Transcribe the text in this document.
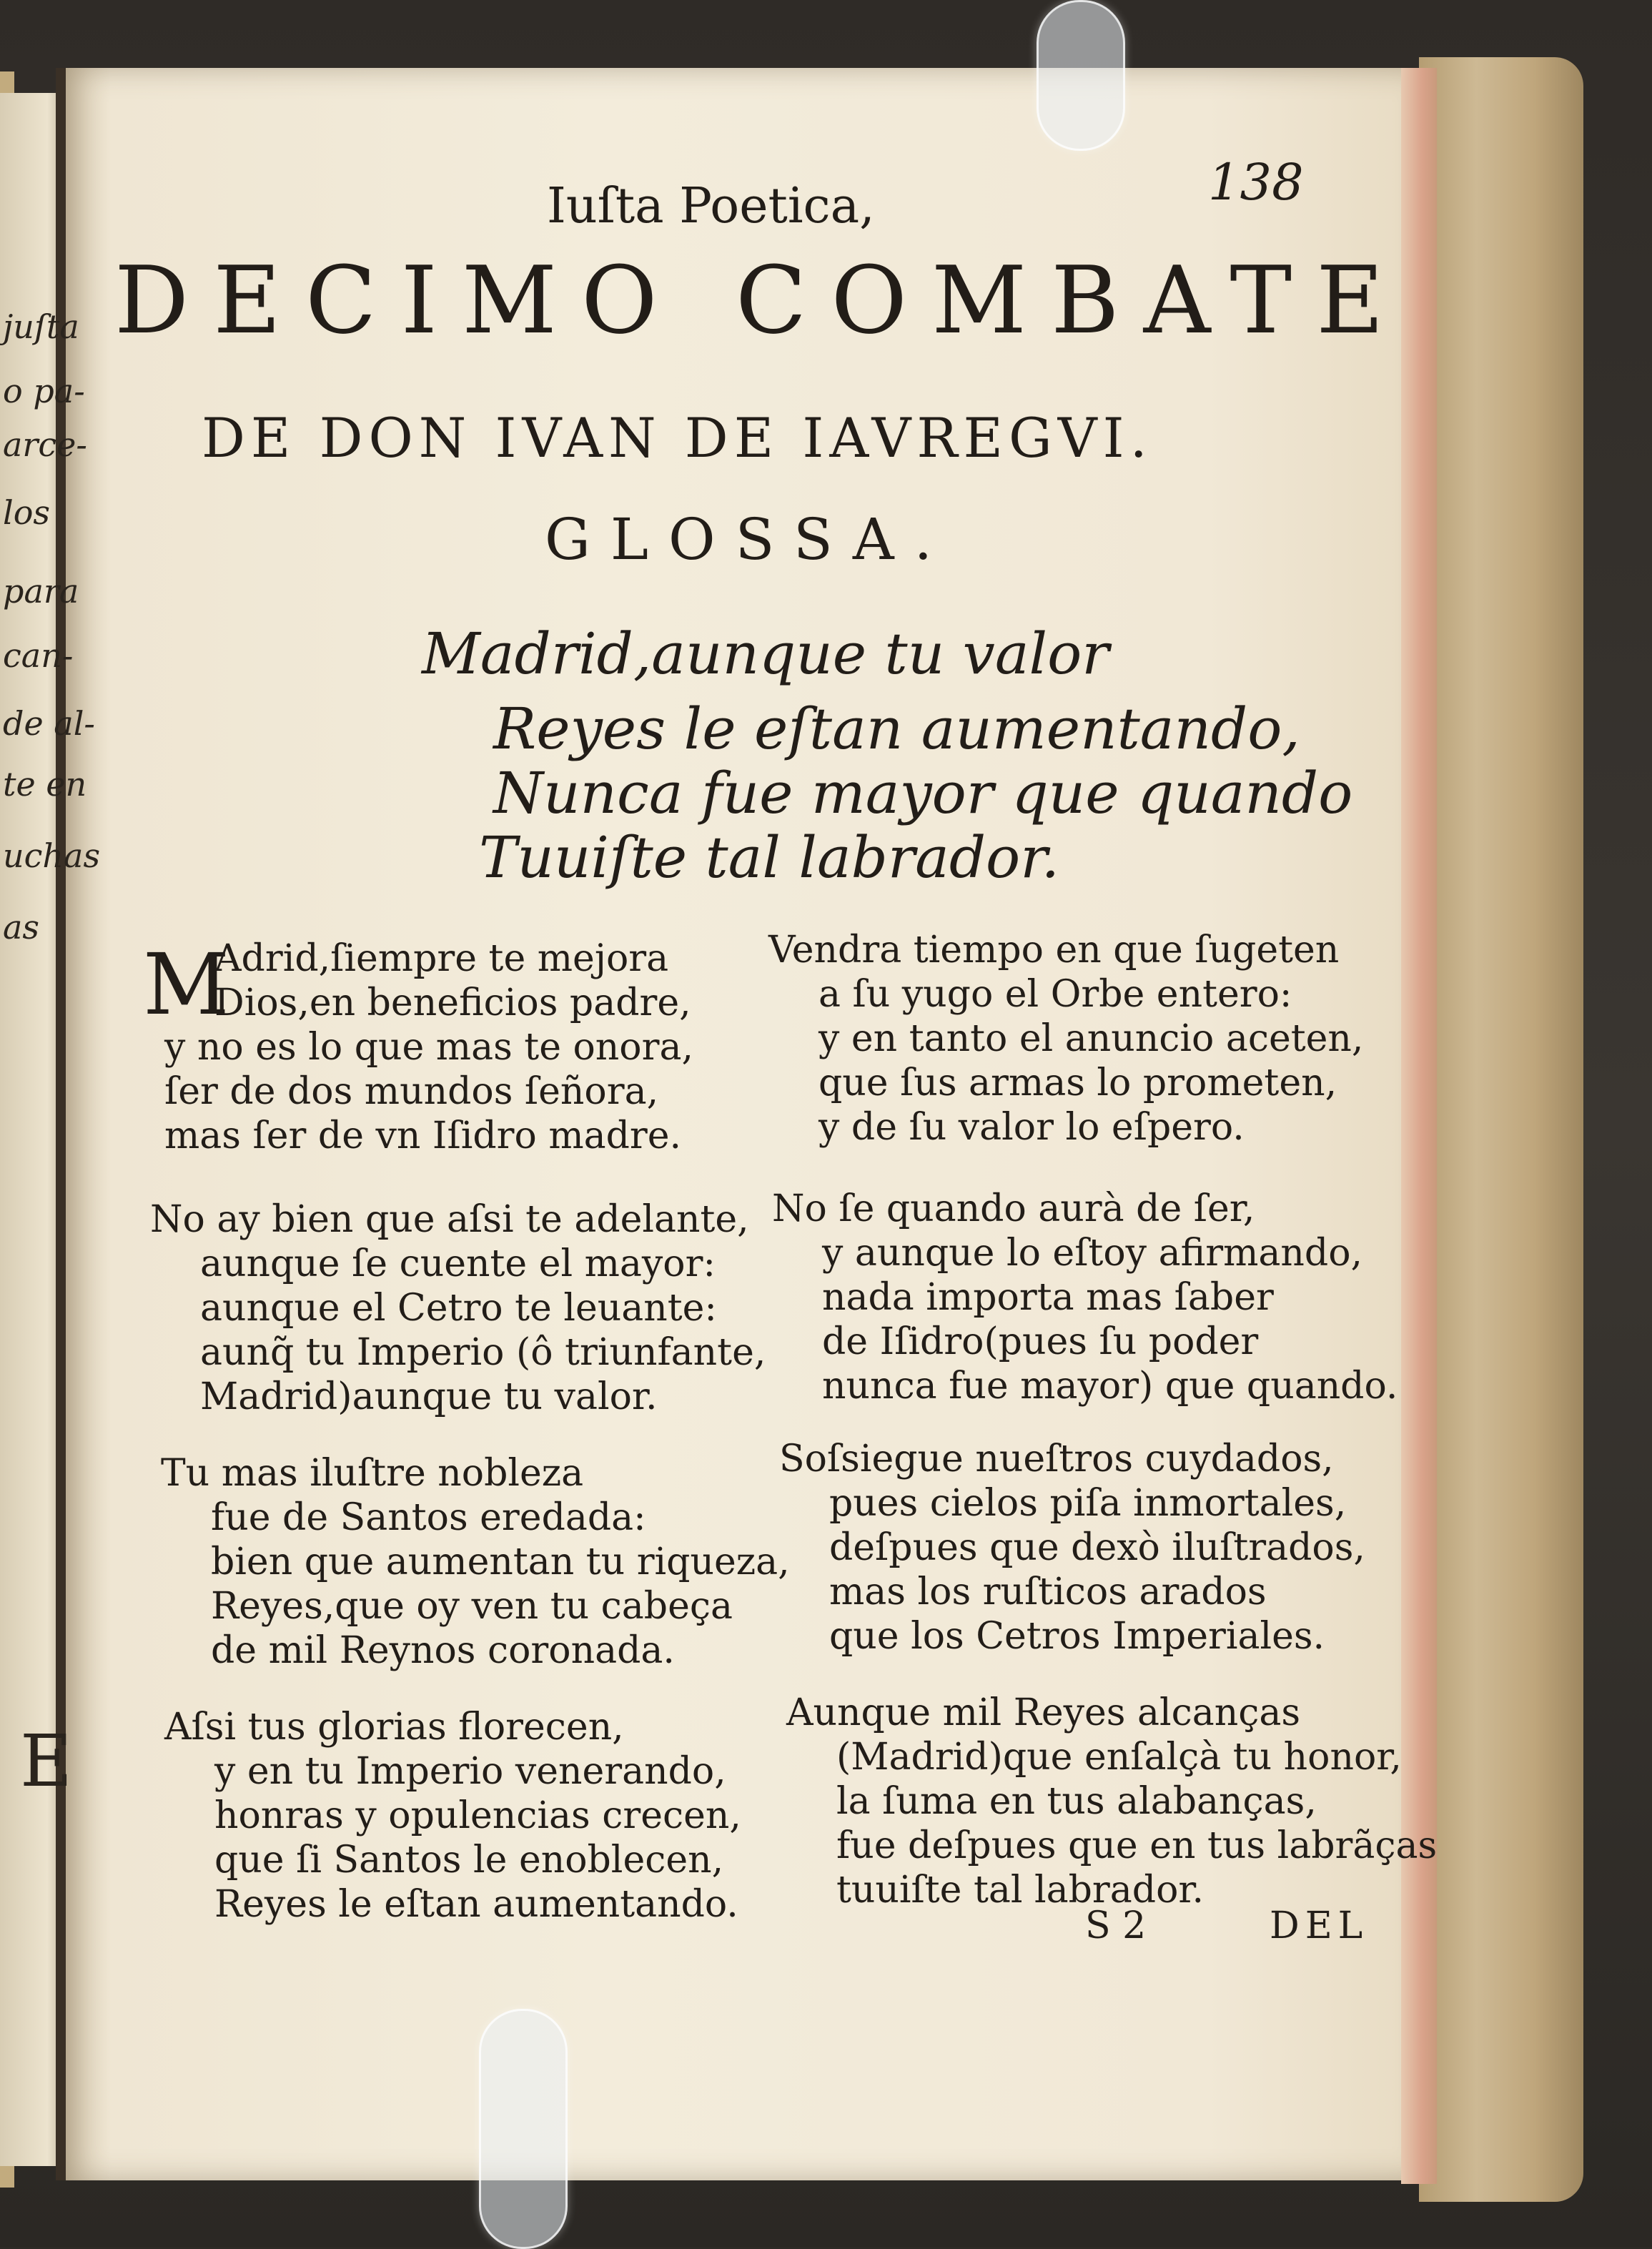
juſta
o pa-
arce-
los
para
can-
de al-
te en
uchas
as
E
Iuſta Poetica,	138
DECIMO COMBATE
DE DON IVAN DE IAVREGVI.
GLOSSA.
Madrid,aunque tu valor
Reyes le eſtan aumentando,
Nunca fue mayor que quando
Tuuiſte tal labrador.
M
Adrid,ſiempre te mejora
Dios,en beneficios padre,
y no es lo que mas te onora,
ſer de dos mundos ſeñora,
mas ſer de vn Iſidro madre.
No ay bien que aſsi te adelante,
aunque ſe cuente el mayor:
aunque el Cetro te leuante:
aunq̃ tu Imperio (ô triunfante,
Madrid)aunque tu valor.
Tu mas iluſtre nobleza
fue de Santos eredada:
bien que aumentan tu riqueza,
Reyes,que oy ven tu cabeça
de mil Reynos coronada.
Aſsi tus glorias florecen,
y en tu Imperio venerando,
honras y opulencias crecen,
que ſi Santos le enoblecen,
Reyes le eſtan aumentando.
Vendra tiempo en que ſugeten
a ſu yugo el Orbe entero:
y en tanto el anuncio aceten,
que ſus armas lo prometen,
y de ſu valor lo eſpero.
No ſe quando aurà de ſer,
y aunque lo eſtoy afirmando,
nada importa mas ſaber
de Iſidro(pues ſu poder
nunca fue mayor) que quando.
Soſsiegue nueſtros cuydados,
pues cielos piſa inmortales,
deſpues que dexò iluſtrados,
mas los ruſticos arados
que los Cetros Imperiales.
Aunque mil Reyes alcanças
(Madrid)que enſalçà tu honor,
la ſuma en tus alabanças,
fue deſpues que en tus labrãças
tuuiſte tal labrador.
S 2	DEL
